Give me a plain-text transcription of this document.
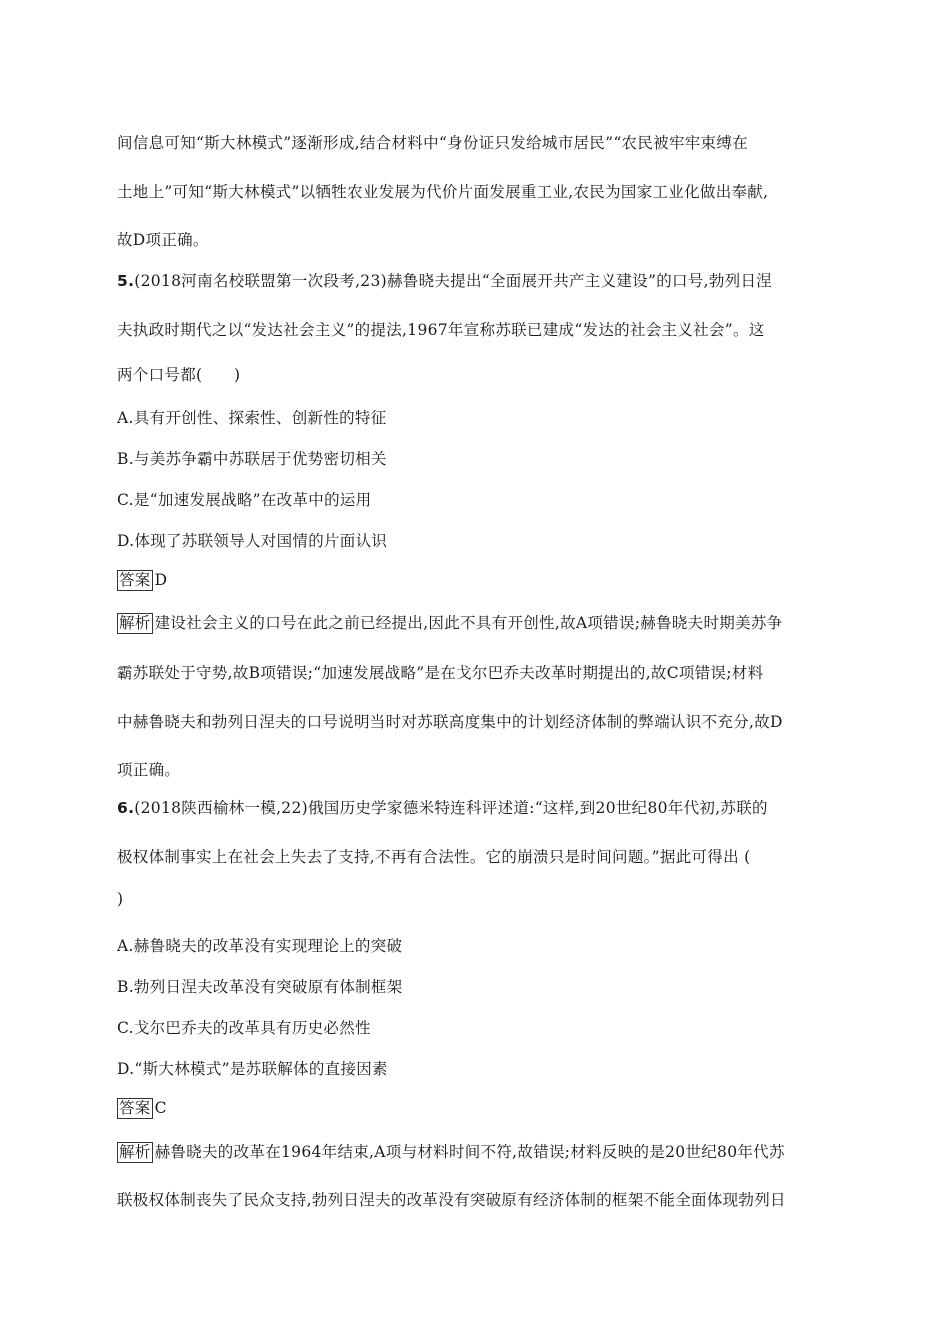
间信息可知“斯大林模式”逐渐形成,结合材料中“身份证只发给城市居民”“农民被牢牢束缚在
土地上”可知“斯大林模式”以牺牲农业发展为代价片面发展重工业,农民为国家工业化做出奉献,
故D项正确。
5.(2018河南名校联盟第一次段考,23)赫鲁晓夫提出“全面展开共产主义建设”的口号,勃列日涅
夫执政时期代之以“发达社会主义”的提法,1967年宣称苏联已建成“发达的社会主义社会”。这
两个口号都(　　)
A.具有开创性、探索性、创新性的特征
B.与美苏争霸中苏联居于优势密切相关
C.是“加速发展战略”在改革中的运用
D.体现了苏联领导人对国情的片面认识
答案 D
解析 建设社会主义的口号在此之前已经提出,因此不具有开创性,故A项错误;赫鲁晓夫时期美苏争
霸苏联处于守势,故B项错误;“加速发展战略”是在戈尔巴乔夫改革时期提出的,故C项错误;材料
中赫鲁晓夫和勃列日涅夫的口号说明当时对苏联高度集中的计划经济体制的弊端认识不充分,故D
项正确。
6.(2018陕西榆林一模,22)俄国历史学家德米特连科评述道:“这样,到20世纪80年代初,苏联的
极权体制事实上在社会上失去了支持,不再有合法性。它的崩溃只是时间问题。”据此可得出 (
)
A.赫鲁晓夫的改革没有实现理论上的突破
B.勃列日涅夫改革没有突破原有体制框架
C.戈尔巴乔夫的改革具有历史必然性
D.“斯大林模式”是苏联解体的直接因素
答案 C
解析 赫鲁晓夫的改革在1964年结束,A项与材料时间不符,故错误;材料反映的是20世纪80年代苏
联极权体制丧失了民众支持,勃列日涅夫的改革没有突破原有经济体制的框架不能全面体现勃列日
